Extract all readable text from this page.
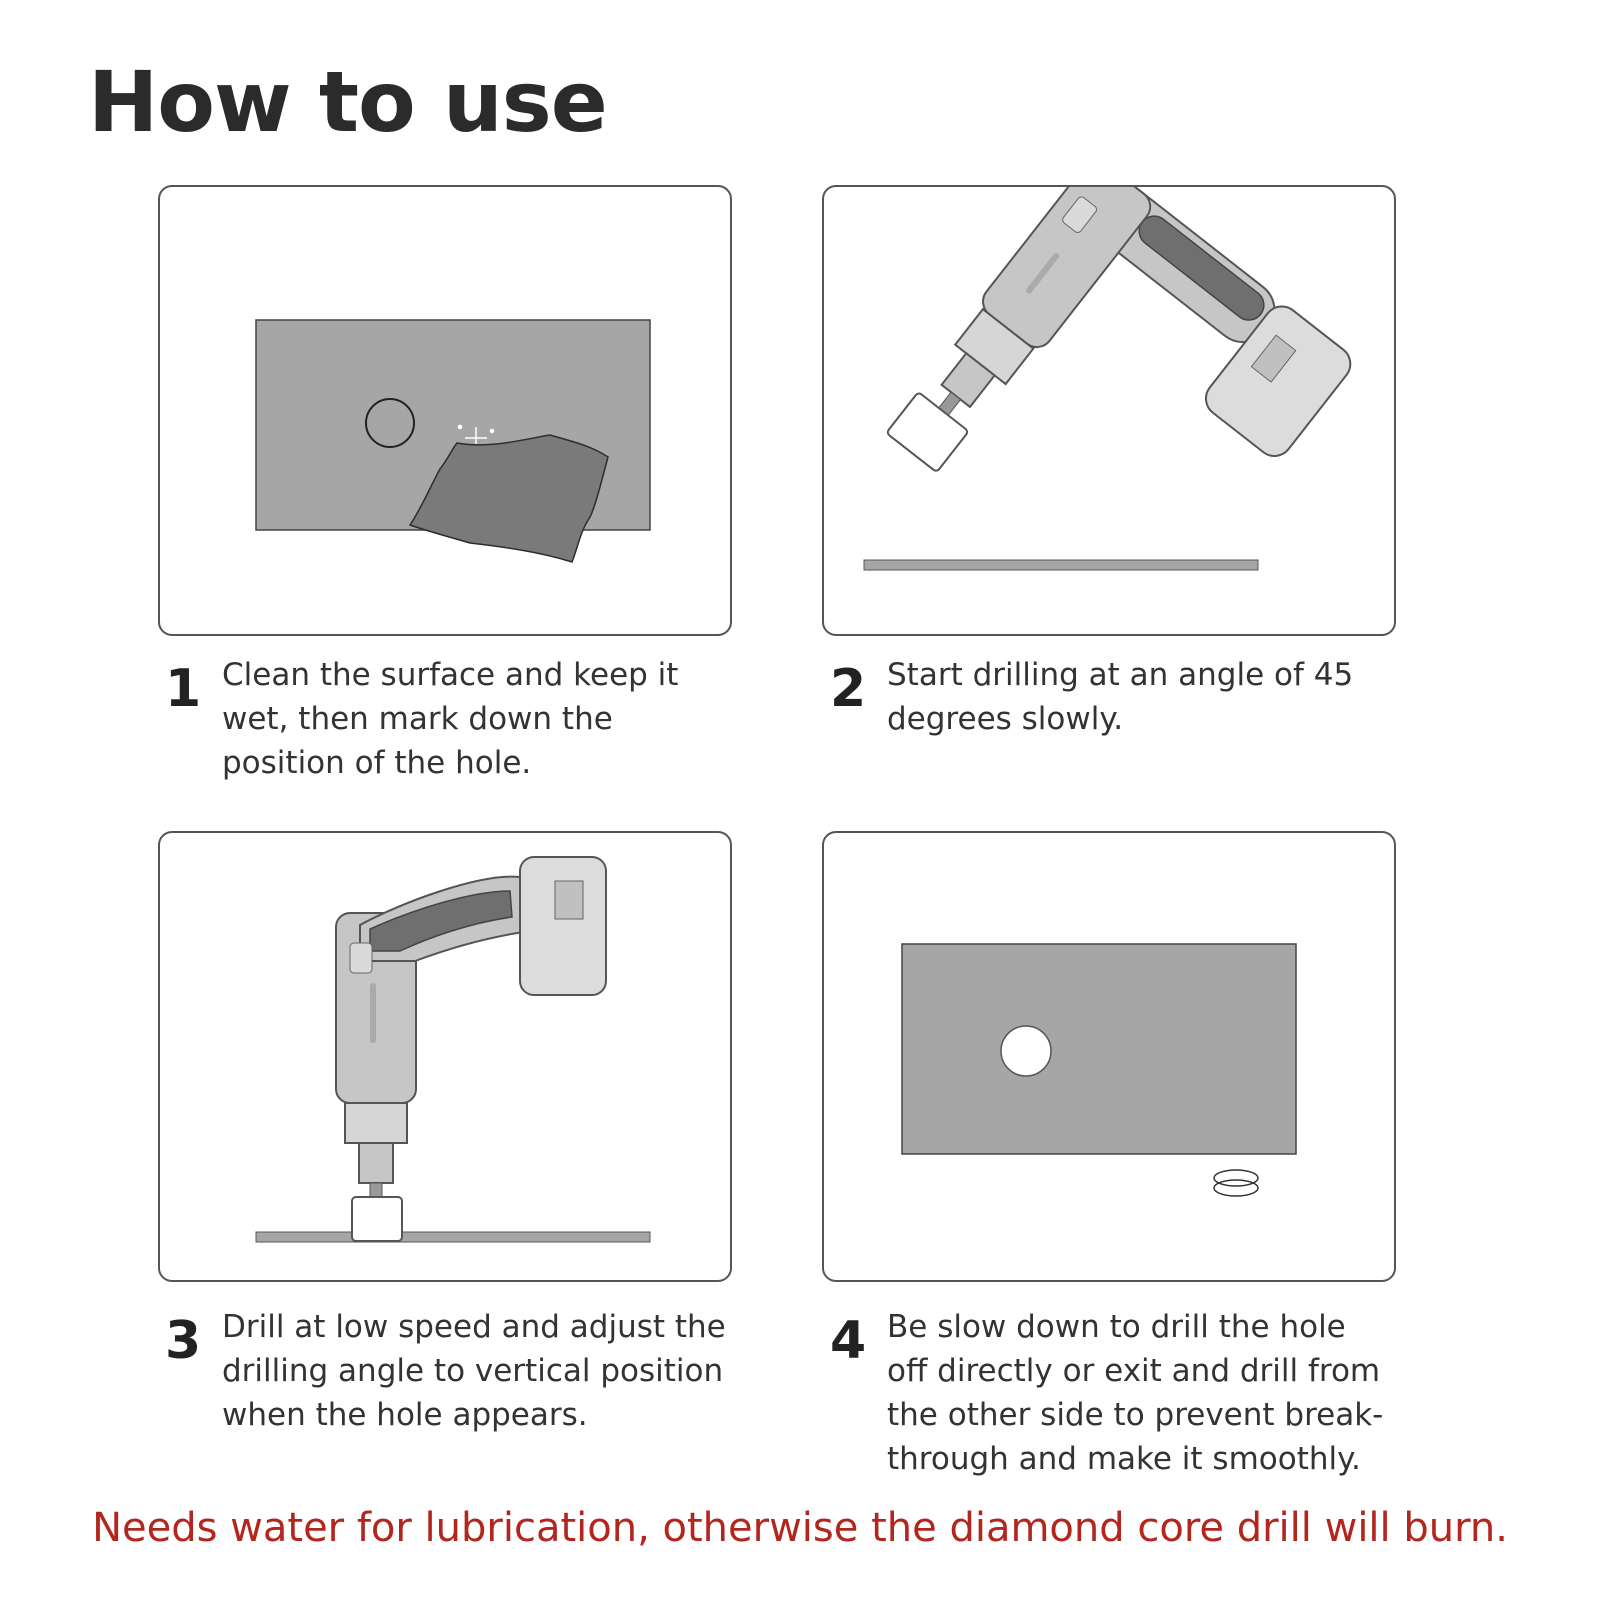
How to use
1 Clean the surface and keep it
wet, then mark down the
position of the hole.
2 Start drilling at an angle of 45
degrees slowly.
3 Drill at low speed and adjust the
drilling angle to vertical position
when the hole appears.
4 Be slow down to drill the hole
off directly or exit and drill from
the other side to prevent break-
through and make it smoothly.
Needs water for lubrication, otherwise the diamond core drill will burn.
